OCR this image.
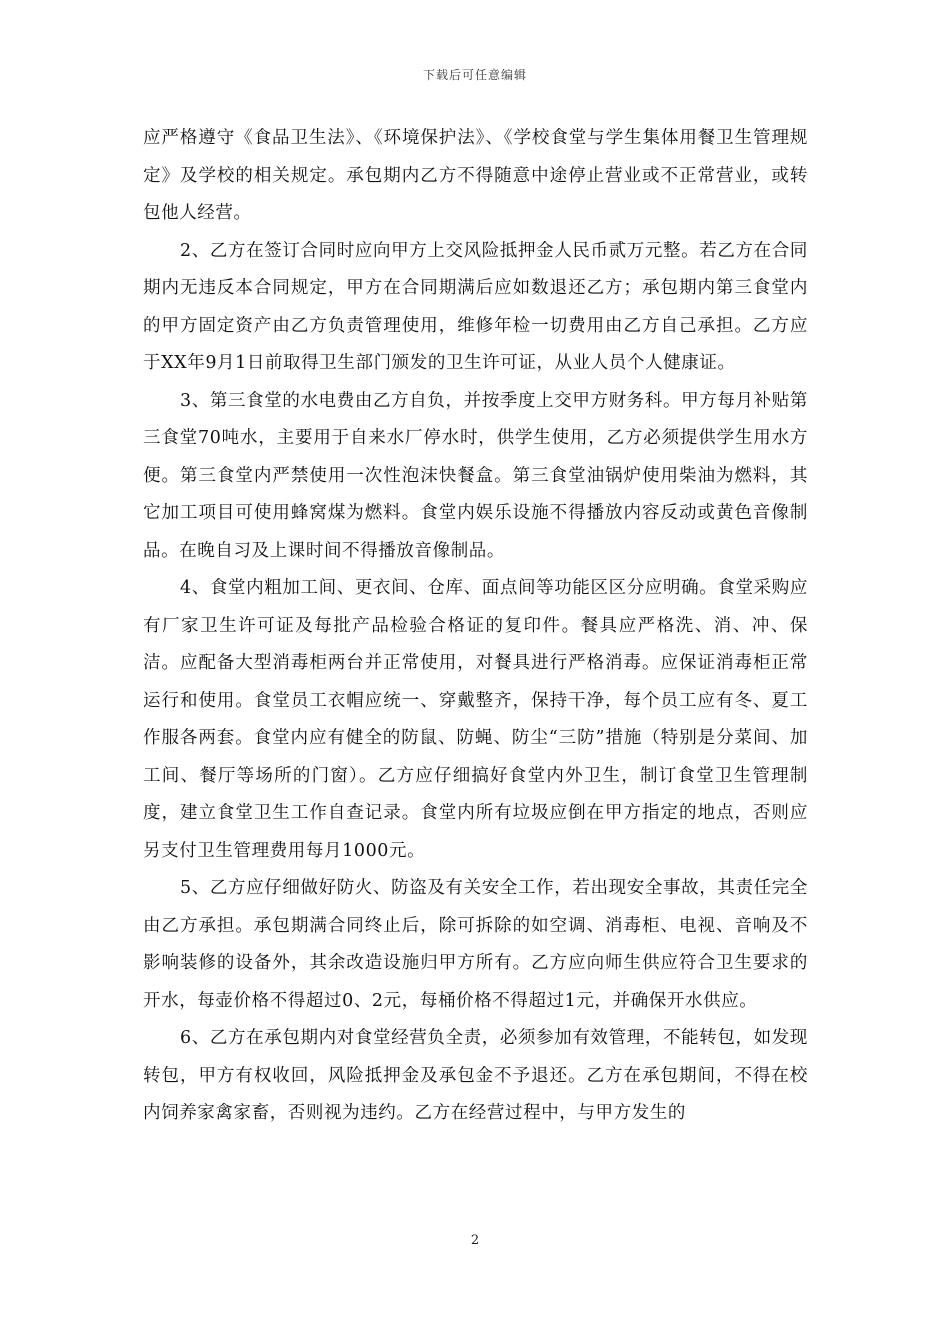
下载后可任意编辑

应严格遵守《食品卫生法》、《环境保护法》、《学校食堂与学生集体用餐卫生管理规定》及学校的相关规定。承包期内乙方不得随意中途停止营业或不正常营业，或转包他人经营。

2、乙方在签订合同时应向甲方上交风险抵押金人民币贰万元整。若乙方在合同期内无违反本合同规定，甲方在合同期满后应如数退还乙方；承包期内第三食堂内的甲方固定资产由乙方负责管理使用，维修年检一切费用由乙方自己承担。乙方应于XX年9月1日前取得卫生部门颁发的卫生许可证，从业人员个人健康证。

3、第三食堂的水电费由乙方自负，并按季度上交甲方财务科。甲方每月补贴第三食堂70吨水，主要用于自来水厂停水时，供学生使用，乙方必须提供学生用水方便。第三食堂内严禁使用一次性泡沫快餐盒。第三食堂油锅炉使用柴油为燃料，其它加工项目可使用蜂窝煤为燃料。食堂内娱乐设施不得播放内容反动或黄色音像制品。在晚自习及上课时间不得播放音像制品。

4、食堂内粗加工间、更衣间、仓库、面点间等功能区区分应明确。食堂采购应有厂家卫生许可证及每批产品检验合格证的复印件。餐具应严格洗、消、冲、保洁。应配备大型消毒柜两台并正常使用，对餐具进行严格消毒。应保证消毒柜正常运行和使用。食堂员工衣帽应统一、穿戴整齐，保持干净，每个员工应有冬、夏工作服各两套。食堂内应有健全的防鼠、防蝇、防尘“三防”措施（特别是分菜间、加工间、餐厅等场所的门窗）。乙方应仔细搞好食堂内外卫生，制订食堂卫生管理制度，建立食堂卫生工作自查记录。食堂内所有垃圾应倒在甲方指定的地点，否则应另支付卫生管理费用每月1000元。

5、乙方应仔细做好防火、防盗及有关安全工作，若出现安全事故，其责任完全由乙方承担。承包期满合同终止后，除可拆除的如空调、消毒柜、电视、音响及不影响装修的设备外，其余改造设施归甲方所有。乙方应向师生供应符合卫生要求的开水，每壶价格不得超过0、2元，每桶价格不得超过1元，并确保开水供应。

6、乙方在承包期内对食堂经营负全责，必须参加有效管理，不能转包，如发现转包，甲方有权收回，风险抵押金及承包金不予退还。乙方在承包期间，不得在校内饲养家禽家畜，否则视为违约。乙方在经营过程中，与甲方发生的

2
